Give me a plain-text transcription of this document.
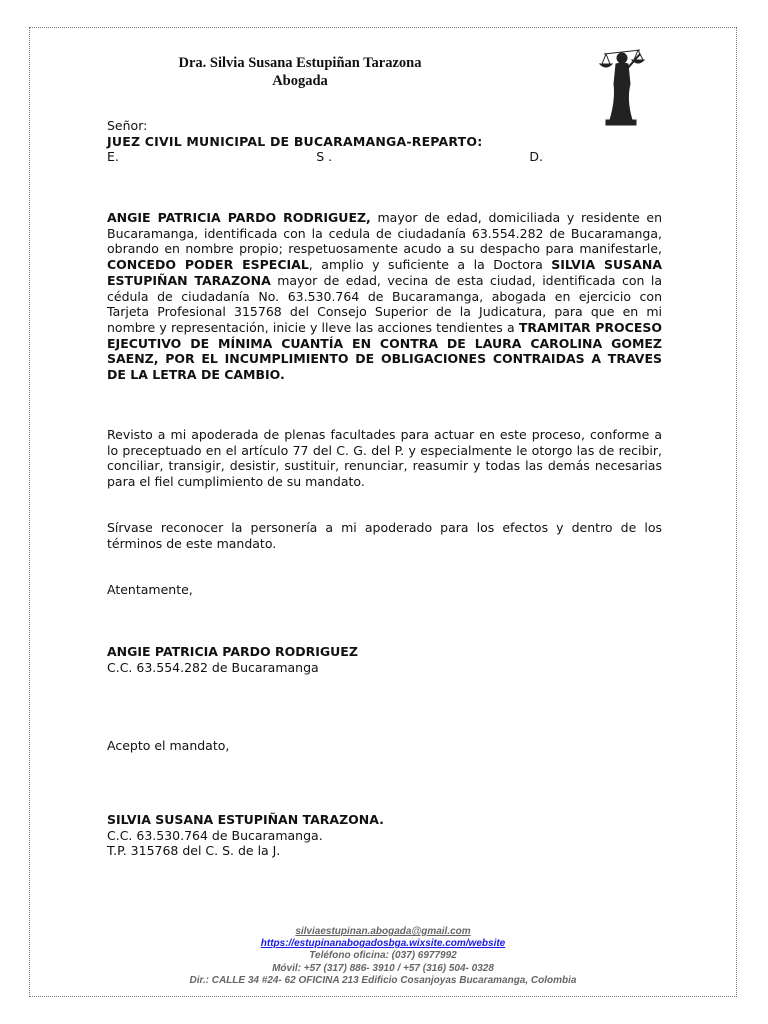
Dra. Silvia Susana Estupiñan Tarazona
Abogada
Señor:
JUEZ CIVIL MUNICIPAL DE BUCARAMANGA-REPARTO:
E.	S .	D.
ANGIE PATRICIA PARDO RODRIGUEZ, mayor de edad, domiciliada y residente en Bucaramanga, identificada con la cedula de ciudadanía 63.554.282 de Bucaramanga, obrando en nombre propio; respetuosamente acudo a su despacho para manifestarle, CONCEDO PODER ESPECIAL, amplio y suficiente a la Doctora SILVIA SUSANA ESTUPIÑAN TARAZONA mayor de edad, vecina de esta ciudad, identificada con la cédula de ciudadanía No. 63.530.764 de Bucaramanga, abogada en ejercicio con Tarjeta Profesional 315768 del Consejo Superior de la Judicatura, para que en mi nombre y representación, inicie y lleve las acciones tendientes a TRAMITAR PROCESO EJECUTIVO DE MÍNIMA CUANTÍA EN CONTRA DE LAURA CAROLINA GOMEZ SAENZ, POR EL INCUMPLIMIENTO DE OBLIGACIONES CONTRAIDAS A TRAVES DE LA LETRA DE CAMBIO.
Revisto a mi apoderada de plenas facultades para actuar en este proceso, conforme a lo preceptuado en el artículo 77 del C. G. del P. y especialmente le otorgo las de recibir, conciliar, transigir, desistir, sustituir, renunciar, reasumir y todas las demás necesarias para el fiel cumplimiento de su mandato.
Sírvase reconocer la personería a mi apoderado para los efectos y dentro de los términos de este mandato.
Atentamente,
ANGIE PATRICIA PARDO RODRIGUEZ
C.C. 63.554.282 de Bucaramanga
Acepto el mandato,
SILVIA SUSANA ESTUPIÑAN TARAZONA.
C.C. 63.530.764 de Bucaramanga.
T.P. 315768 del C. S. de la J.
silviaestupinan.abogada@gmail.com
https://estupinanabogadosbga.wixsite.com/website
Teléfono oficina: (037) 6977992
Móvil: +57 (317) 886- 3910 / +57 (316) 504- 0328
Dir.: CALLE 34 #24- 62 OFICINA 213 Edificio Cosanjoyas Bucaramanga, Colombia
